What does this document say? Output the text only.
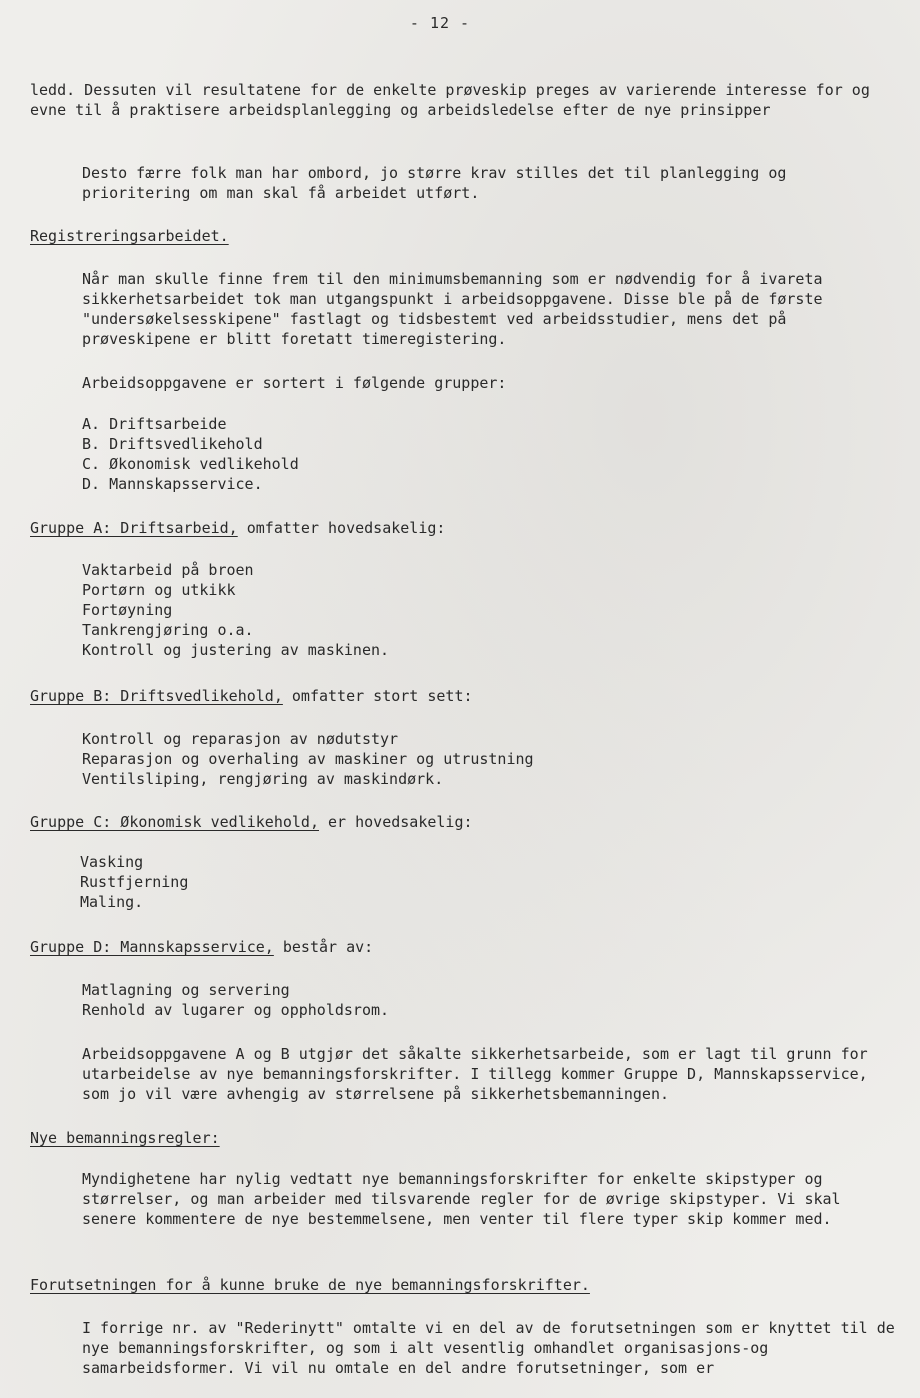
- 12 -

ledd. Dessuten vil resultatene for de enkelte prøveskip preges av varierende interesse for og evne til å praktisere arbeidsplanlegging og arbeidsledelse efter de nye prinsipper

Desto færre folk man har ombord, jo større krav stilles det til planlegging og prioritering om man skal få arbeidet utført.

Registreringsarbeidet.

Når man skulle finne frem til den minimumsbemanning som er nødvendig for å ivareta sikkerhetsarbeidet tok man utgangspunkt i arbeidsoppgavene. Disse ble på de første "undersøkelsesskipene" fastlagt og tidsbestemt ved arbeidsstudier, mens det på prøveskipene er blitt foretatt timeregistering.

Arbeidsoppgavene er sortert i følgende grupper:

A. Driftsarbeide
B. Driftsvedlikehold
C. Økonomisk vedlikehold
D. Mannskapsservice.

Gruppe A: Driftsarbeid, omfatter hovedsakelig:

Vaktarbeid på broen
Portørn og utkikk
Fortøyning
Tankrengjøring o.a.
Kontroll og justering av maskinen.

Gruppe B: Driftsvedlikehold, omfatter stort sett:

Kontroll og reparasjon av nødutstyr
Reparasjon og overhaling av maskiner og utrustning
Ventilsliping, rengjøring av maskindørk.

Gruppe C: Økonomisk vedlikehold, er hovedsakelig:

Vasking
Rustfjerning
Maling.

Gruppe D: Mannskapsservice, består av:

Matlagning og servering
Renhold av lugarer og oppholdsrom.

Arbeidsoppgavene A og B utgjør det såkalte sikkerhetsarbeide, som er lagt til grunn for utarbeidelse av nye bemanningsforskrifter. I tillegg kommer Gruppe D, Mannskapsservice, som jo vil være avhengig av størrelsene på sikkerhetsbemanningen.

Nye bemanningsregler:

Myndighetene har nylig vedtatt nye bemanningsforskrifter for enkelte skipstyper og størrelser, og man arbeider med tilsvarende regler for de øvrige skipstyper. Vi skal senere kommentere de nye bestemmelsene, men venter til flere typer skip kommer med.

Forutsetningen for å kunne bruke de nye bemanningsforskrifter.

I forrige nr. av "Rederinytt" omtalte vi en del av de forutsetningen som er knyttet til de nye bemanningsforskrifter, og som i alt vesentlig omhandlet organisasjons-og samarbeidsformer. Vi vil nu omtale en del andre forutsetninger, som er
